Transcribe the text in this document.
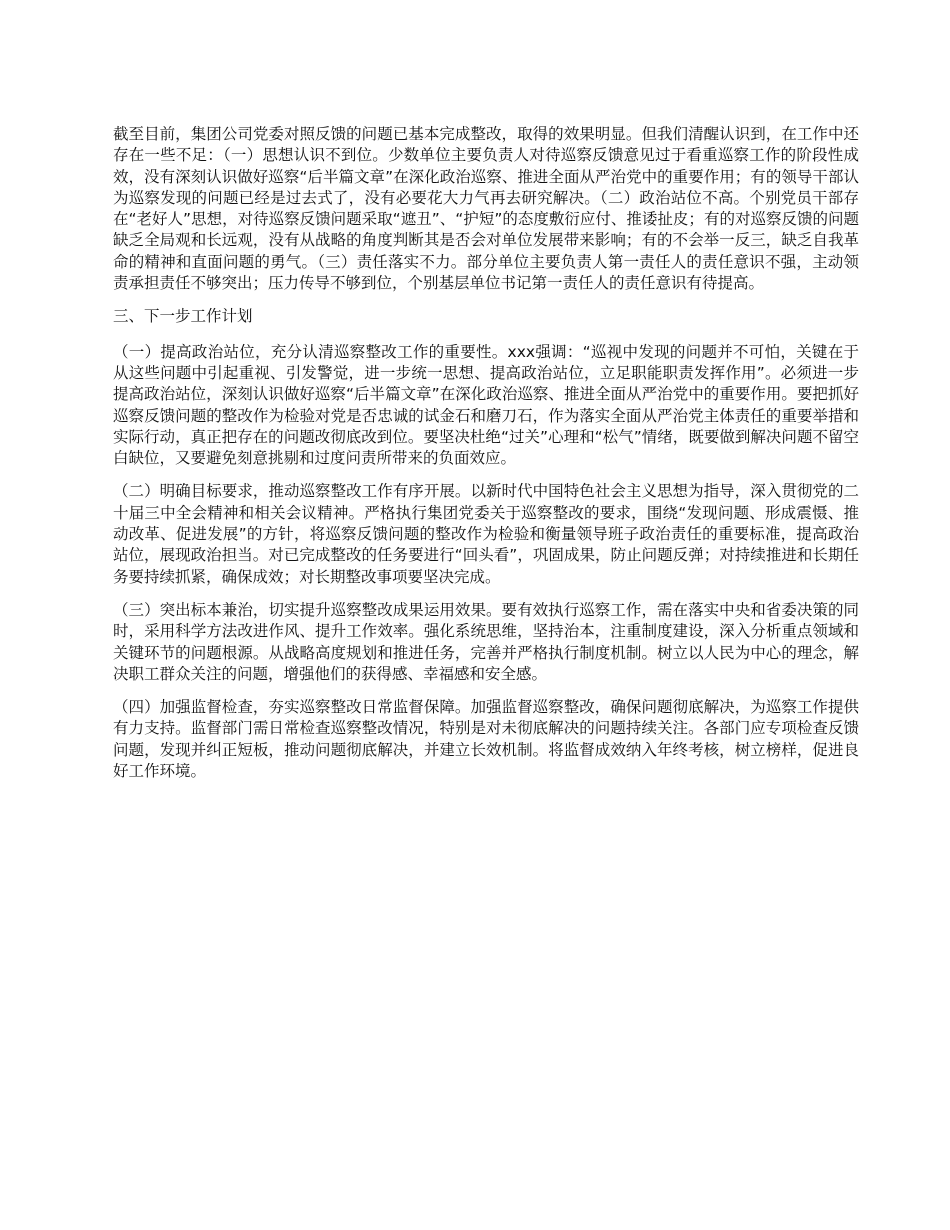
截至目前，集团公司党委对照反馈的问题已基本完成整改，取得的效果明显。但我们清醒认识到，在工作中还存在一些不足：（一）思想认识不到位。少数单位主要负责人对待巡察反馈意见过于看重巡察工作的阶段性成效，没有深刻认识做好巡察“后半篇文章”在深化政治巡察、推进全面从严治党中的重要作用；有的领导干部认为巡察发现的问题已经是过去式了，没有必要花大力气再去研究解决。（二）政治站位不高。个别党员干部存在“老好人”思想，对待巡察反馈问题采取“遮丑”、“护短”的态度敷衍应付、推诿扯皮；有的对巡察反馈的问题缺乏全局观和长远观，没有从战略的角度判断其是否会对单位发展带来影响；有的不会举一反三，缺乏自我革命的精神和直面问题的勇气。（三）责任落实不力。部分单位主要负责人第一责任人的责任意识不强，主动领责承担责任不够突出；压力传导不够到位，个别基层单位书记第一责任人的责任意识有待提高。

三、下一步工作计划

（一）提高政治站位，充分认清巡察整改工作的重要性。xxx强调：“巡视中发现的问题并不可怕，关键在于从这些问题中引起重视、引发警觉，进一步统一思想、提高政治站位，立足职能职责发挥作用”。必须进一步提高政治站位，深刻认识做好巡察“后半篇文章”在深化政治巡察、推进全面从严治党中的重要作用。要把抓好巡察反馈问题的整改作为检验对党是否忠诚的试金石和磨刀石，作为落实全面从严治党主体责任的重要举措和实际行动，真正把存在的问题改彻底改到位。要坚决杜绝“过关”心理和“松气”情绪，既要做到解决问题不留空白缺位，又要避免刻意挑剔和过度问责所带来的负面效应。

（二）明确目标要求，推动巡察整改工作有序开展。以新时代中国特色社会主义思想为指导，深入贯彻党的二十届三中全会精神和相关会议精神。严格执行集团党委关于巡察整改的要求，围绕“发现问题、形成震慑、推动改革、促进发展”的方针，将巡察反馈问题的整改作为检验和衡量领导班子政治责任的重要标准，提高政治站位，展现政治担当。对已完成整改的任务要进行“回头看”，巩固成果，防止问题反弹；对持续推进和长期任务要持续抓紧，确保成效；对长期整改事项要坚决完成。

（三）突出标本兼治，切实提升巡察整改成果运用效果。要有效执行巡察工作，需在落实中央和省委决策的同时，采用科学方法改进作风、提升工作效率。强化系统思维，坚持治本，注重制度建设，深入分析重点领域和关键环节的问题根源。从战略高度规划和推进任务，完善并严格执行制度机制。树立以人民为中心的理念，解决职工群众关注的问题，增强他们的获得感、幸福感和安全感。

（四）加强监督检查，夯实巡察整改日常监督保障。加强监督巡察整改，确保问题彻底解决，为巡察工作提供有力支持。监督部门需日常检查巡察整改情况，特别是对未彻底解决的问题持续关注。各部门应专项检查反馈问题，发现并纠正短板，推动问题彻底解决，并建立长效机制。将监督成效纳入年终考核，树立榜样，促进良好工作环境。
